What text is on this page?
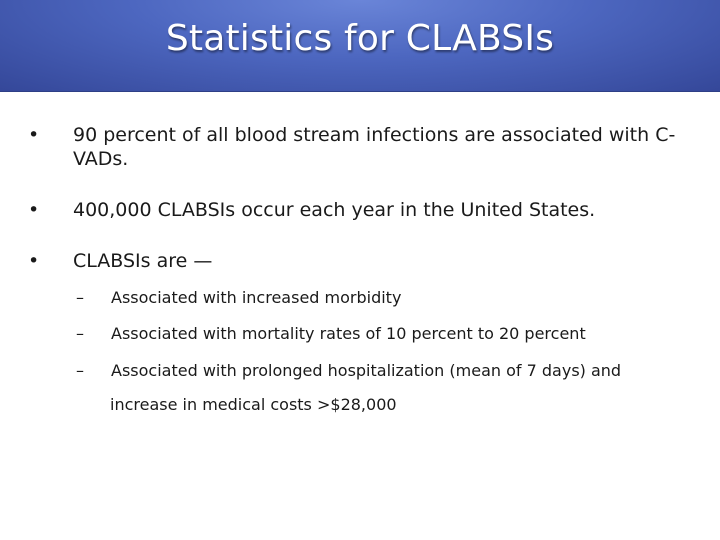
Statistics for CLABSIs
•	90 percent of all blood stream infections are associated with C-VADs.
•	400,000 CLABSIs occur each year in the United States.
•	CLABSIs are —
–	Associated with increased morbidity
–	Associated with mortality rates of 10 percent to 20 percent
–	Associated with prolonged hospitalization (mean of 7 days) and
increase in medical costs >$28,000
